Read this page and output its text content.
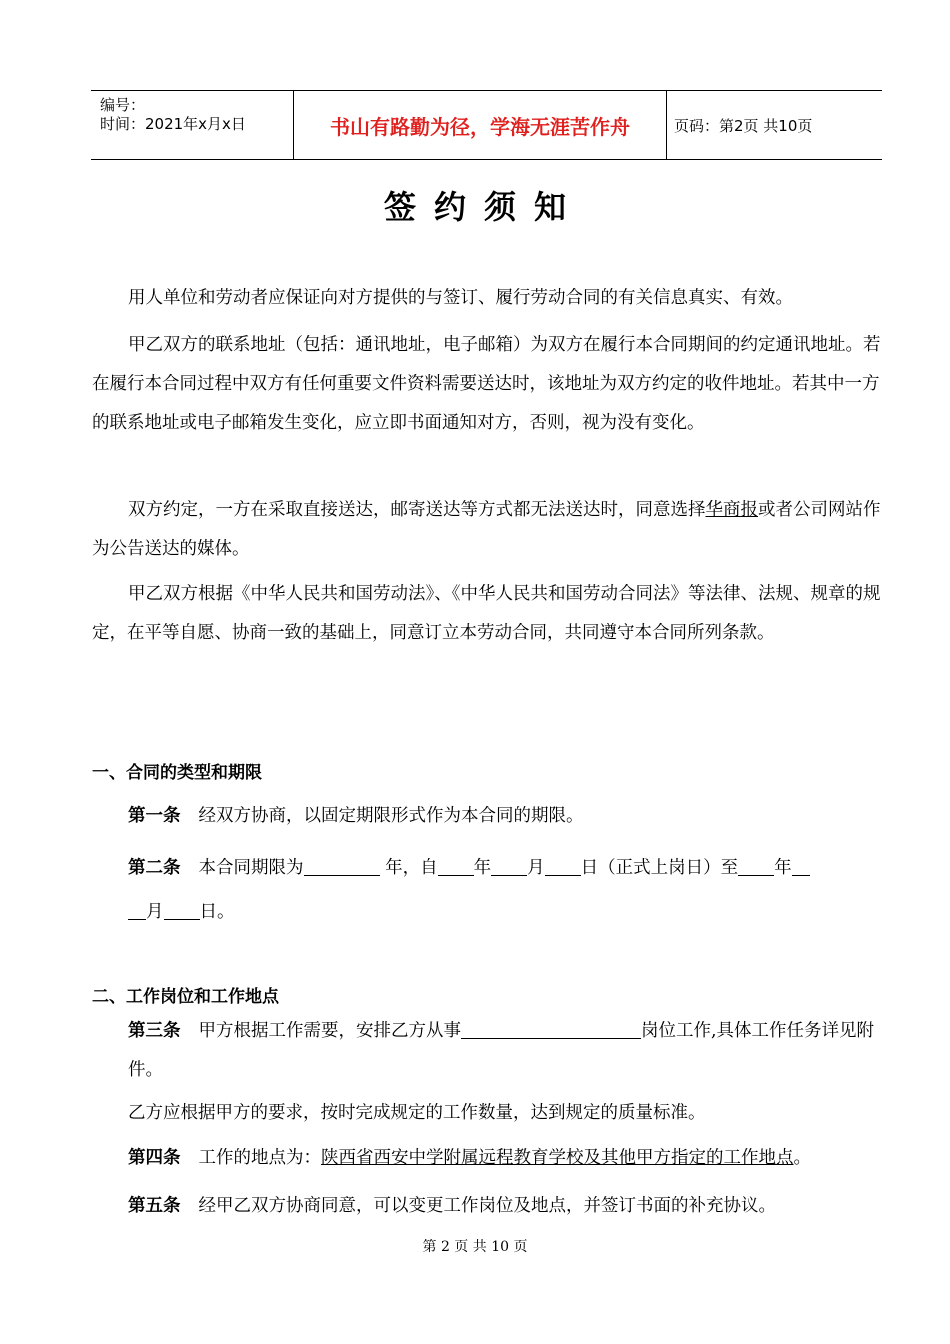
编号：
时间：2021年x月x日	书山有路勤为径，学海无涯苦作舟	页码：第2页 共10页
签约须知
用人单位和劳动者应保证向对方提供的与签订、履行劳动合同的有关信息真实、有效。
甲乙双方的联系地址（包括：通讯地址，电子邮箱）为双方在履行本合同期间的约定通讯地址。若在履行本合同过程中双方有任何重要文件资料需要送达时，该地址为双方约定的收件地址。若其中一方的联系地址或电子邮箱发生变化，应立即书面通知对方，否则，视为没有变化。
双方约定，一方在采取直接送达，邮寄送达等方式都无法送达时，同意选择华商报或者公司网站作为公告送达的媒体。
甲乙双方根据《中华人民共和国劳动法》、《中华人民共和国劳动合同法》等法律、法规、规章的规定，在平等自愿、协商一致的基础上，同意订立本劳动合同，共同遵守本合同所列条款。
一、合同的类型和期限
第一条 经双方协商，以固定期限形式作为本合同的期限。
第二条 本合同期限为	年，自 年 月 日（正式上岗日）至 年
月 日。
二、工作岗位和工作地点
第三条 甲方根据工作需要，安排乙方从事	岗位工作,具体工作任务详见附件。
乙方应根据甲方的要求，按时完成规定的工作数量，达到规定的质量标准。
第四条 工作的地点为：陕西省西安中学附属远程教育学校及其他甲方指定的工作地点。
第五条 经甲乙双方协商同意，可以变更工作岗位及地点，并签订书面的补充协议。
第 2 页 共 10 页
